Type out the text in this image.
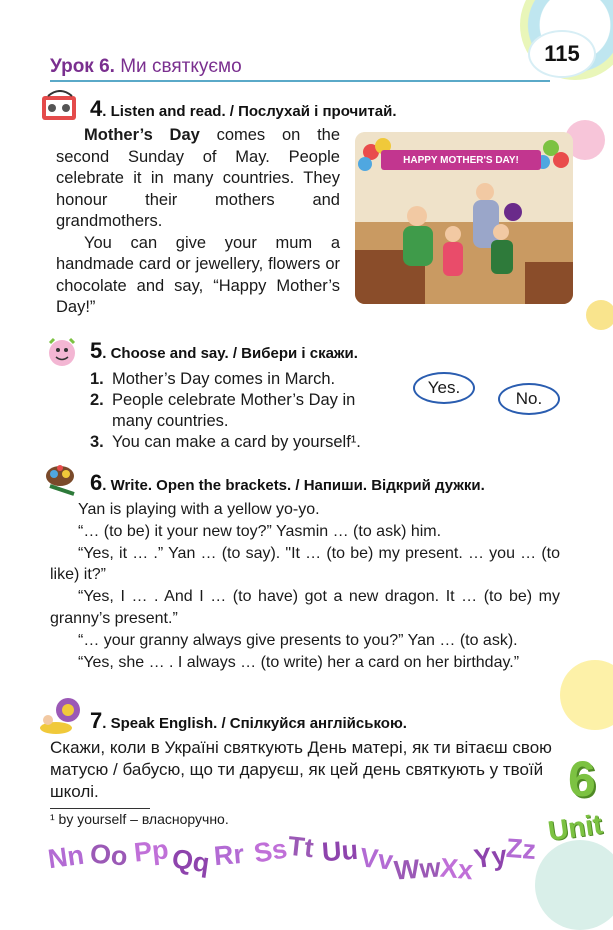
Урок 6. Ми святкуємо
115
4. Listen and read. / Послухай і прочитай.

Mother’s Day comes on the second Sunday of May. People celebrate it in many countries. They honour their mothers and grandmothers.

You can give your mum a handmade card or jewellery, flowers or chocolate and say, “Happy Mother’s Day!”

HAPPY MOTHER'S DAY!
5. Choose and say. / Вибери і скажи.
1. Mother’s Day comes in March.
2. People celebrate Mother’s Day in many countries.
3. You can make a card by yourself¹.
Yes.
No.
6. Write. Open the brackets. / Напиши. Відкрий дужки.

Yan is playing with a yellow yo-yo.

“… (to be) it your new toy?” Yasmin … (to ask) him.

“Yes, it … .” Yan … (to say). "It … (to be) my present. … you … (to like) it?”

“Yes, I … . And I … (to have) got a new dragon. It … (to be) my granny’s present.”

“… your granny always give presents to you?” Yan … (to ask).

“Yes, she … . I always … (to write) her a card on her birthday.”

7. Speak English. / Спілкуйся англійською.
Скажи, коли в Україні святкують День матері, як ти вітаєш свою матусю / бабусю, що ти даруєш, як цей день святкують у твоїй школі.
¹ by yourself – власноручно.
Nn Oo Pp Qq Rr Ss
Tt Uu Vv
Ww
Xx
Yy
Zz
6
Unit
